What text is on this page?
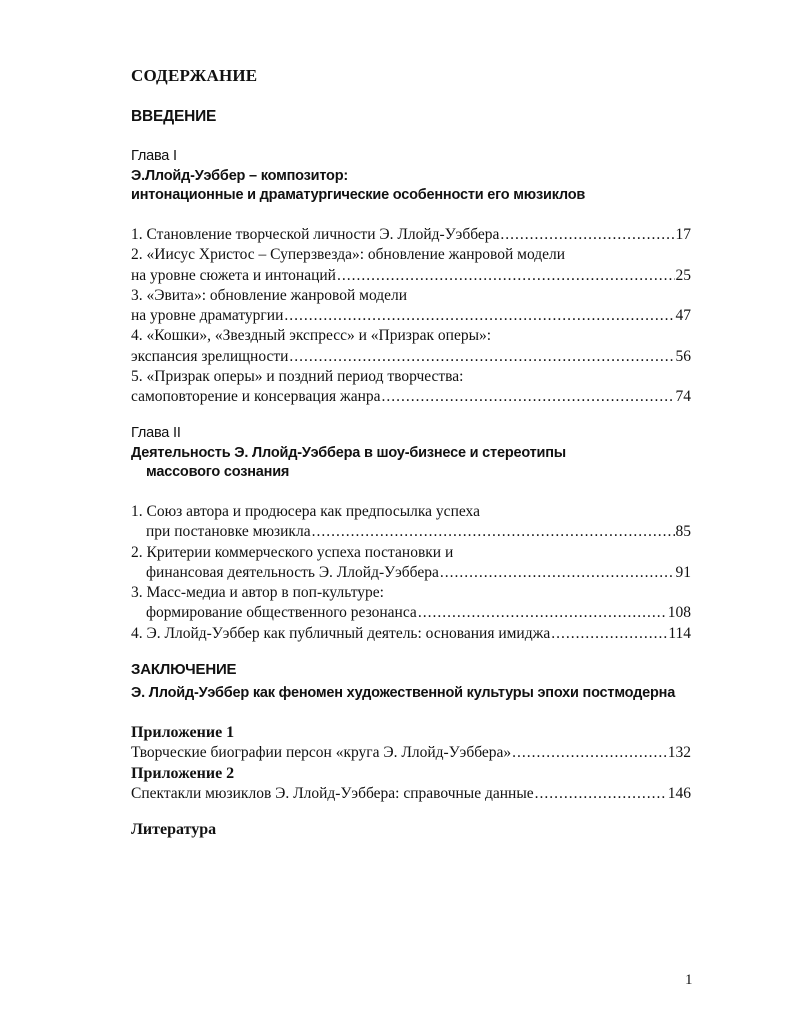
СОДЕРЖАНИЕ
ВВЕДЕНИЕ
Глава I
Э.Ллойд-Уэббер – композитор:
интонационные и драматургические особенности его мюзиклов
1. Становление творческой личности Э. Ллойд-Уэббера .....	17
2. «Иисус Христос – Суперзвезда»: обновление жанровой модели
на уровне сюжета и интонаций .....	25
3. «Эвита»: обновление жанровой модели
на уровне драматургии .....	47
4. «Кошки», «Звездный экспресс» и «Призрак оперы»:
экспансия зрелищности .....	56
5. «Призрак оперы» и поздний период творчества:
самоповторение и консервация жанра .....	74
Глава II
Деятельность Э. Ллойд-Уэббера в шоу-бизнесе и стереотипы
массового сознания
1. Союз автора и продюсера как предпосылка успеха
при постановке мюзикла .....	85
2. Критерии коммерческого успеха постановки и
финансовая деятельность Э. Ллойд-Уэббера .....	91
3. Масс-медиа и автор в поп-культуре:
формирование общественного резонанса .....	108
4. Э. Ллойд-Уэббер как публичный деятель: основания имиджа .....	114
ЗАКЛЮЧЕНИЕ
Э. Ллойд-Уэббер как феномен художественной культуры эпохи постмодерна
Приложение 1
Творческие биографии персон «круга Э. Ллойд-Уэббера» .....	132
Приложение 2
Спектакли мюзиклов Э. Ллойд-Уэббера: справочные данные .....	146
Литература
1
